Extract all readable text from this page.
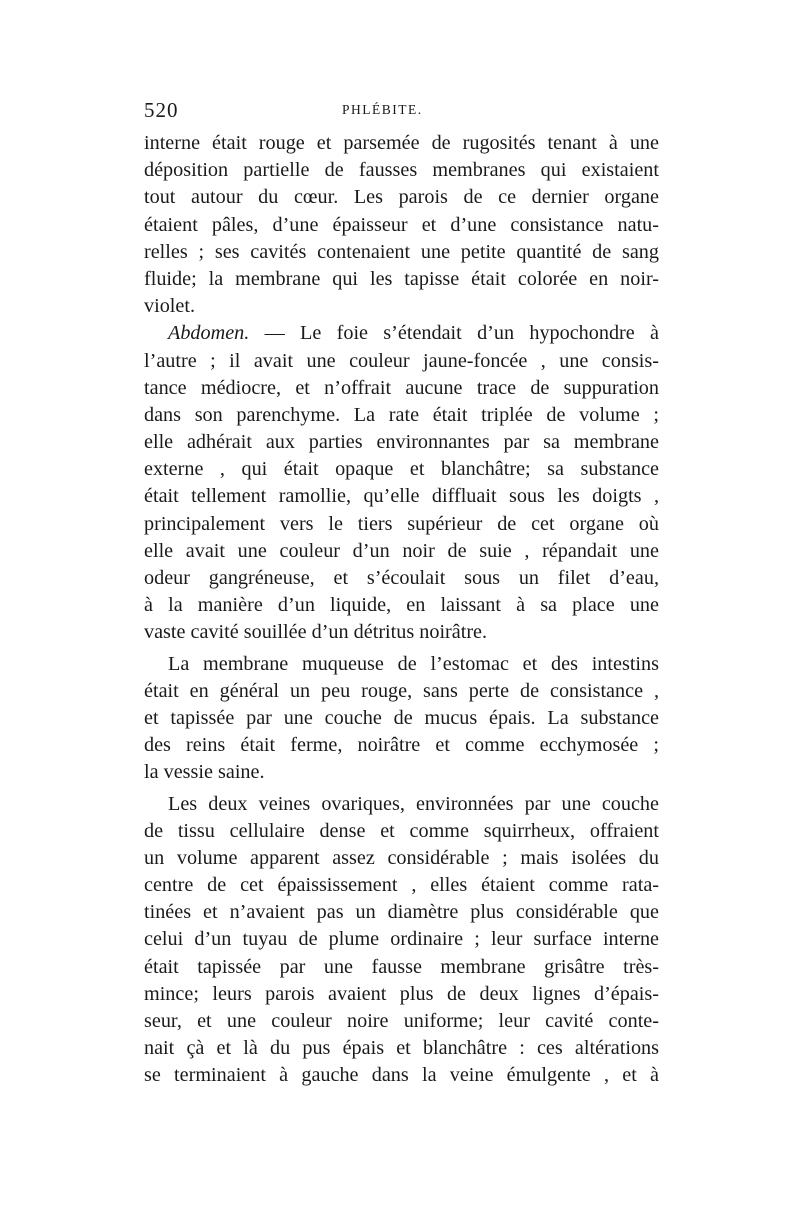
520	PHLÉBITE.
interne était rouge et parsemée de rugosités tenant à une
déposition partielle de fausses membranes qui existaient
tout autour du cœur. Les parois de ce dernier organe
étaient pâles, d’une épaisseur et d’une consistance natu-
relles ; ses cavités contenaient une petite quantité de sang
fluide; la membrane qui les tapisse était colorée en noir-
violet.
Abdomen. — Le foie s’étendait d’un hypochondre à
l’autre ; il avait une couleur jaune-foncée , une consis-
tance médiocre, et n’offrait aucune trace de suppuration
dans son parenchyme. La rate était triplée de volume ;
elle adhérait aux parties environnantes par sa membrane
externe , qui était opaque et blanchâtre; sa substance
était tellement ramollie, qu’elle diffluait sous les doigts ,
principalement vers le tiers supérieur de cet organe où
elle avait une couleur d’un noir de suie , répandait une
odeur gangréneuse, et s’écoulait sous un filet d’eau,
à la manière d’un liquide, en laissant à sa place une
vaste cavité souillée d’un détritus noirâtre.
La membrane muqueuse de l’estomac et des intestins
était en général un peu rouge, sans perte de consistance ,
et tapissée par une couche de mucus épais. La substance
des reins était ferme, noirâtre et comme ecchymosée ;
la vessie saine.
Les deux veines ovariques, environnées par une couche
de tissu cellulaire dense et comme squirrheux, offraient
un volume apparent assez considérable ; mais isolées du
centre de cet épaississement , elles étaient comme rata-
tinées et n’avaient pas un diamètre plus considérable que
celui d’un tuyau de plume ordinaire ; leur surface interne
était tapissée par une fausse membrane grisâtre très-
mince; leurs parois avaient plus de deux lignes d’épais-
seur, et une couleur noire uniforme; leur cavité conte-
nait çà et là du pus épais et blanchâtre : ces altérations
se terminaient à gauche dans la veine émulgente , et à
